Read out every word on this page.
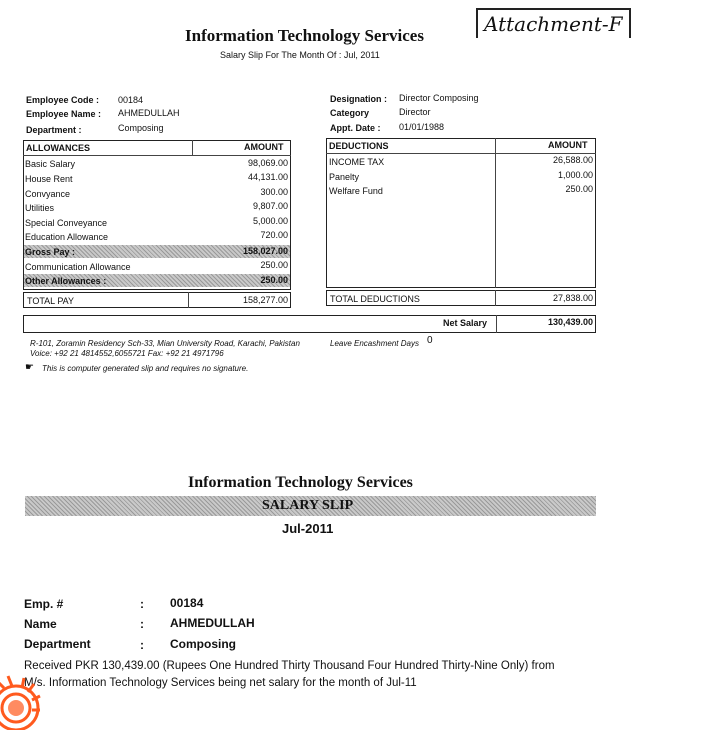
Information Technology Services
Salary Slip For The Month Of : Jul, 2011
Attachment-F
Employee Code : 00184
Employee Name : AHMEDULLAH
Department :	Composing
Designation : Director Composing
Category	Director
Appt. Date : 01/01/1988
ALLOWANCES	AMOUNT
Basic Salary	98,069.00
House Rent	44,131.00
Convyance	300.00
Utilities	9,807.00
Special Conveyance	5,000.00
Education Allowance	720.00
Gross Pay :	158,027.00
Communication Allowance	250.00
Other Allowances :	250.00
TOTAL PAY	158,277.00
DEDUCTIONS	AMOUNT
INCOME TAX	26,588.00
Panelty	1,000.00
Welfare Fund	250.00
TOTAL DEDUCTIONS	27,838.00
Net Salary	130,439.00
R-101, Zoramin Residency Sch-33, Mian University Road, Karachi, Pakistan
Voice: +92 21 4814552,6055721 Fax: +92 21 4971796
Leave Encashment Days 0
☛ This is computer generated slip and requires no signature.
Information Technology Services
SALARY SLIP
Jul-2011
Emp. #	: 00184
Name	: AHMEDULLAH
Department	: Composing
Received PKR 130,439.00 (Rupees One Hundred Thirty Thousand Four Hundred Thirty-Nine Only) from
M/s. Information Technology Services being net salary for the month of Jul-11
